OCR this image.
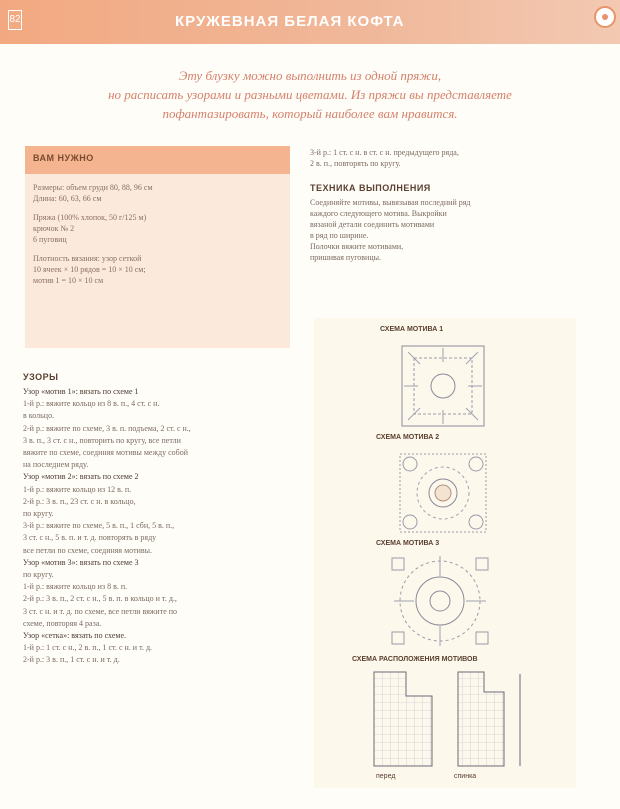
82	КРУЖЕВНАЯ БЕЛАЯ КОФТА

Эту блузку можно выполнить из одной пряжи,

но расписать узорами и разными цветами. Из пряжи вы представляете

пофантазировать, который наиболее вам нравится.

ВАМ НУЖНО
Размеры: объем груди 80, 88, 96 см
Длина: 60, 63, 66 см
Пряжа (100% хлопок, 50 г/125 м)
крючок № 2
6 пуговиц
Плотность вязания: узор сеткой
10 ячеек × 10 рядов = 10 × 10 см;
мотив 1 = 10 × 10 см
УЗОРЫ
Узор «мотив 1»: вязать по схеме 1
1-й р.: вяжите кольцо из 8 в. п., 4 ст. с н.
в кольцо.
2-й р.: вяжите по схеме, 3 в. п. подъема, 2 ст. с н.,
3 в. п., 3 ст. с н., повторить по кругу, все петли
вяжите по схеме, соединяя мотивы между собой
на последнем ряду.
Узор «мотив 2»: вязать по схеме 2
1-й р.: вяжите кольцо из 12 в. п.
2-й р.: 3 в. п., 23 ст. с н. в кольцо,
по кругу.
3-й р.: вяжите по схеме, 5 в. п., 1 сбн, 5 в. п.,
3 ст. с н., 5 в. п. и т. д. повторять в ряду
все петли по схеме, соединяя мотивы.
Узор «мотив 3»: вязать по схеме 3
по кругу.
1-й р.: вяжите кольцо из 8 в. п.
2-й р.: 3 в. п., 2 ст. с н., 5 в. п. в кольцо и т. д.,
3 ст. с н. и т. д. по схеме, все петли вяжите по
схеме, повторяя 4 раза.
Узор «сетка»: вязать по схеме.
1-й р.: 1 ст. с н., 2 в. п., 1 ст. с н. и т. д.
2-й р.: 3 в. п., 1 ст. с н. и т. д.
3-й р.: 1 ст. с н. в ст. с н. предыдущего ряда,
2 в. п., повторять по кругу.
ТЕХНИКА ВЫПОЛНЕНИЯ
Соединяйте мотивы, вывязывая последний ряд
каждого следующего мотива. Выкройки
вязаной детали соединить мотивами
в ряд по ширине.
Полочки вяжите мотивами,
пришивая пуговицы.
СХЕМА МОТИВА 1
СХЕМА МОТИВА 2
СХЕМА МОТИВА 3
СХЕМА РАСПОЛОЖЕНИЯ МОТИВОВ
перед	спинка
